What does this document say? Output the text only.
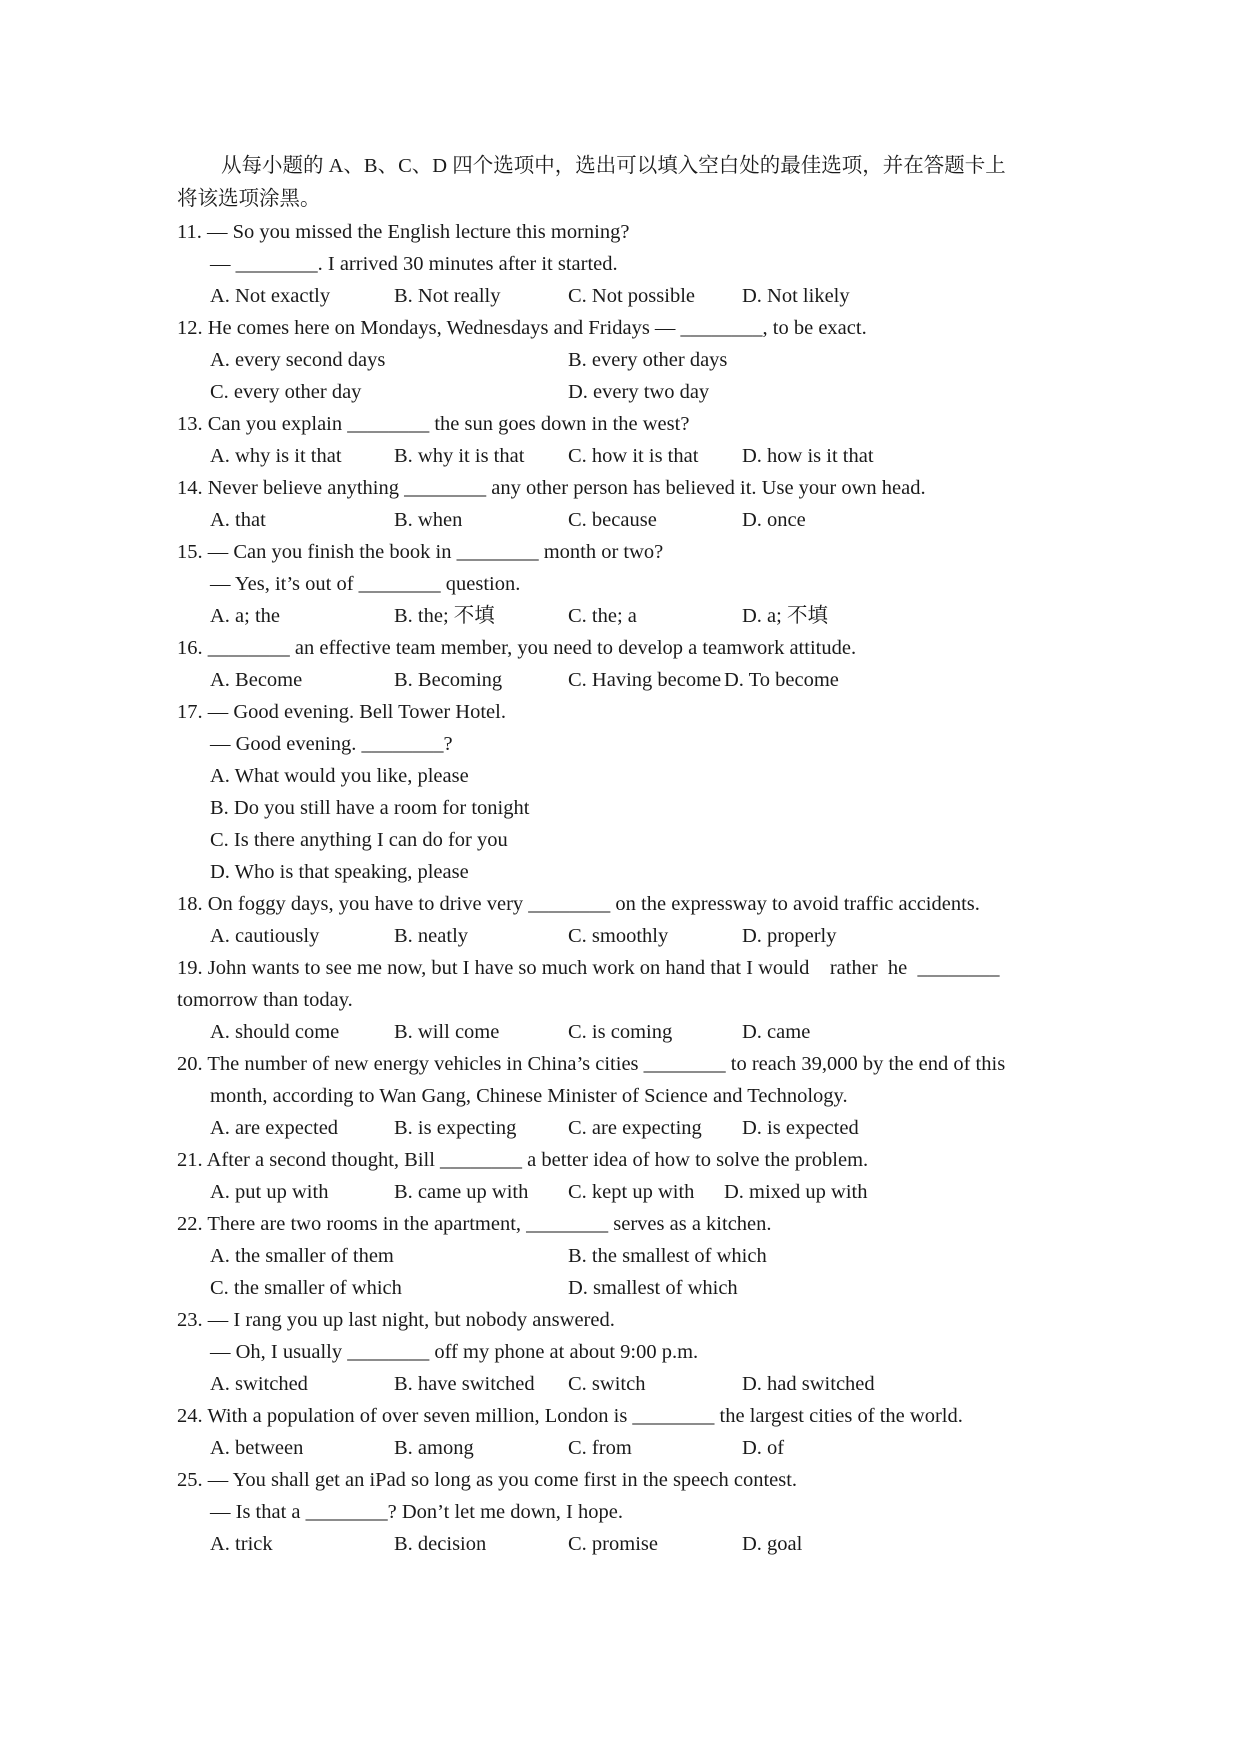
从每小题的 A、B、C、D 四个选项中，选出可以填入空白处的最佳选项，并在答题卡上
将该选项涂黑。
11. — So you missed the English lecture this morning?
— ________. I arrived 30 minutes after it started.
A. Not exactly	B. Not really	C. Not possible D. Not likely
12. He comes here on Mondays, Wednesdays and Fridays — ________, to be exact.
A. every second days	B. every other days
C. every other day	D. every two day
13. Can you explain ________ the sun goes down in the west?
A. why is it that	B. why it is that C. how it is that D. how is it that
14. Never believe anything ________ any other person has believed it. Use your own head.
A. that	B. when	C. because	D. once
15. — Can you finish the book in ________ month or two?
— Yes, it’s out of ________ question.
A. a; the	B. the; 不填	C. the; a	D. a; 不填
16. ________ an effective team member, you need to develop a teamwork attitude.
A. Become	B. Becoming	C. Having become D. To become
17. — Good evening. Bell Tower Hotel.
— Good evening. ________?
A. What would you like, please
B. Do you still have a room for tonight
C. Is there anything I can do for you
D. Who is that speaking, please
18. On foggy days, you have to drive very ________ on the expressway to avoid traffic accidents.
A. cautiously	B. neatly	C. smoothly	D. properly
19. John wants to see me now, but I have so much work on hand that I would    rather  he  ________
tomorrow than today.
A. should come	B. will come	C. is coming	D. came
20. The number of new energy vehicles in China’s cities ________ to reach 39,000 by the end of this
month, according to Wan Gang, Chinese Minister of Science and Technology.
A. are expected	B. is expecting	C. are expecting D. is expected
21. After a second thought, Bill ________ a better idea of how to solve the problem.
A. put up with	B. came up with C. kept up with D. mixed up with
22. There are two rooms in the apartment, ________ serves as a kitchen.
A. the smaller of them	B. the smallest of which
C. the smaller of which	D. smallest of which
23. — I rang you up last night, but nobody answered.
— Oh, I usually ________ off my phone at about 9:00 p.m.
A. switched	B. have switched C. switch	D. had switched
24. With a population of over seven million, London is ________ the largest cities of the world.
A. between	B. among	C. from	D. of
25. — You shall get an iPad so long as you come first in the speech contest.
— Is that a ________? Don’t let me down, I hope.
A. trick	B. decision	C. promise	D. goal
